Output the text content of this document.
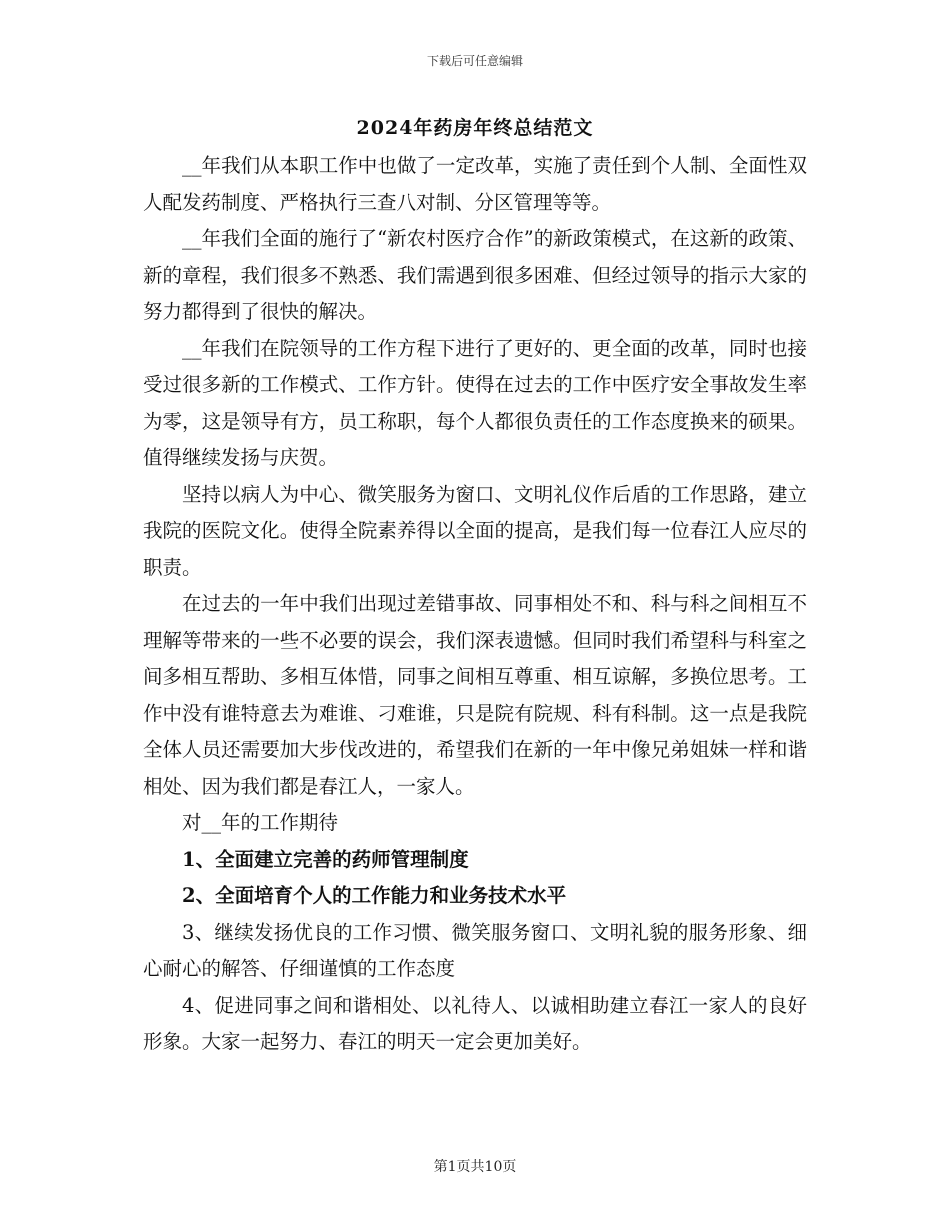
下载后可任意编辑
2024年药房年终总结范文

__年我们从本职工作中也做了一定改革，实施了责任到个人制、全面性双人配发药制度、严格执行三查八对制、分区管理等等。

__年我们全面的施行了“新农村医疗合作”的新政策模式，在这新的政策、新的章程，我们很多不熟悉、我们需遇到很多困难、但经过领导的指示大家的努力都得到了很快的解决。

__年我们在院领导的工作方程下进行了更好的、更全面的改革，同时也接受过很多新的工作模式、工作方针。使得在过去的工作中医疗安全事故发生率为零，这是领导有方，员工称职，每个人都很负责任的工作态度换来的硕果。值得继续发扬与庆贺。

坚持以病人为中心、微笑服务为窗口、文明礼仪作后盾的工作思路，建立我院的医院文化。使得全院素养得以全面的提高，是我们每一位春江人应尽的职责。

在过去的一年中我们出现过差错事故、同事相处不和、科与科之间相互不理解等带来的一些不必要的误会，我们深表遗憾。但同时我们希望科与科室之间多相互帮助、多相互体惜，同事之间相互尊重、相互谅解，多换位思考。工作中没有谁特意去为难谁、刁难谁，只是院有院规、科有科制。这一点是我院全体人员还需要加大步伐改进的，希望我们在新的一年中像兄弟姐妹一样和谐相处、因为我们都是春江人，一家人。

对__年的工作期待

1、全面建立完善的药师管理制度

2、全面培育个人的工作能力和业务技术水平

3、继续发扬优良的工作习惯、微笑服务窗口、文明礼貌的服务形象、细心耐心的解答、仔细谨慎的工作态度

4、促进同事之间和谐相处、以礼待人、以诚相助建立春江一家人的良好形象。大家一起努力、春江的明天一定会更加美好。

第1页共10页
